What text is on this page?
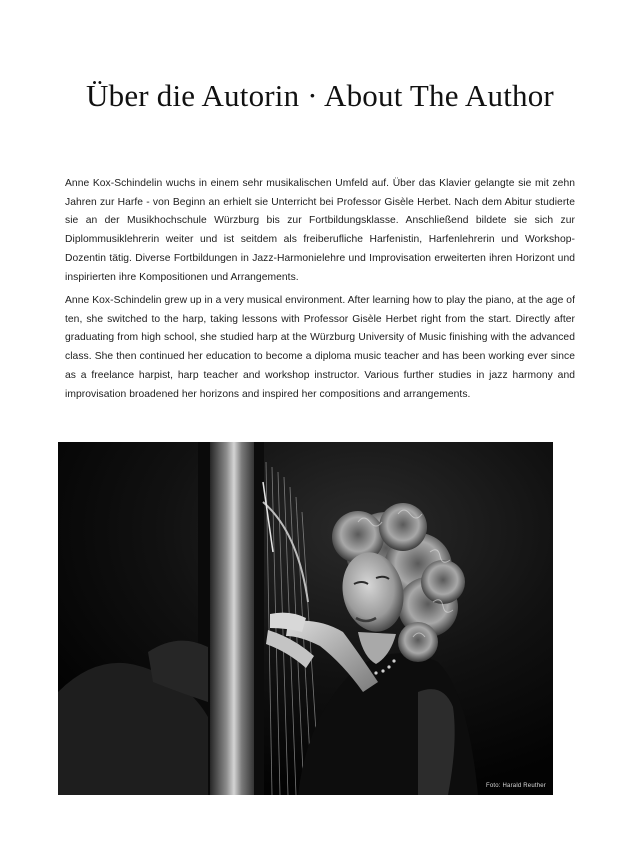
Über die Autorin · About The Author

Anne Kox-Schindelin wuchs in einem sehr musikalischen Umfeld auf. Über das Klavier gelangte sie mit zehn Jahren zur Harfe - von Beginn an erhielt sie Unterricht bei Professor Gisèle Herbet. Nach dem Abitur studierte sie an der Musikhochschule Würzburg bis zur Fortbildungsklasse. Anschließend bildete sie sich zur Diplommusiklehrerin weiter und ist seitdem als freiberufliche Harfenistin, Harfenlehrerin und Workshop-Dozentin tätig. Diverse Fortbildungen in Jazz-Harmonielehre und Improvisation erweiterten ihren Horizont und inspirierten ihre Kompositionen und Arrangements.

Anne Kox-Schindelin grew up in a very musical environment. After learning how to play the piano, at the age of ten, she switched to the harp, taking lessons with Professor Gisèle Herbet right from the start. Directly after graduating from high school, she studied harp at the Würzburg University of Music finishing with the advanced class. She then continued her education to become a diploma music teacher and has been working ever since as a freelance harpist, harp teacher and workshop instructor. Various further studies in jazz harmony and improvisation broadened her horizons and inspired her compositions and arrangements.

Foto: Harald Reuther
